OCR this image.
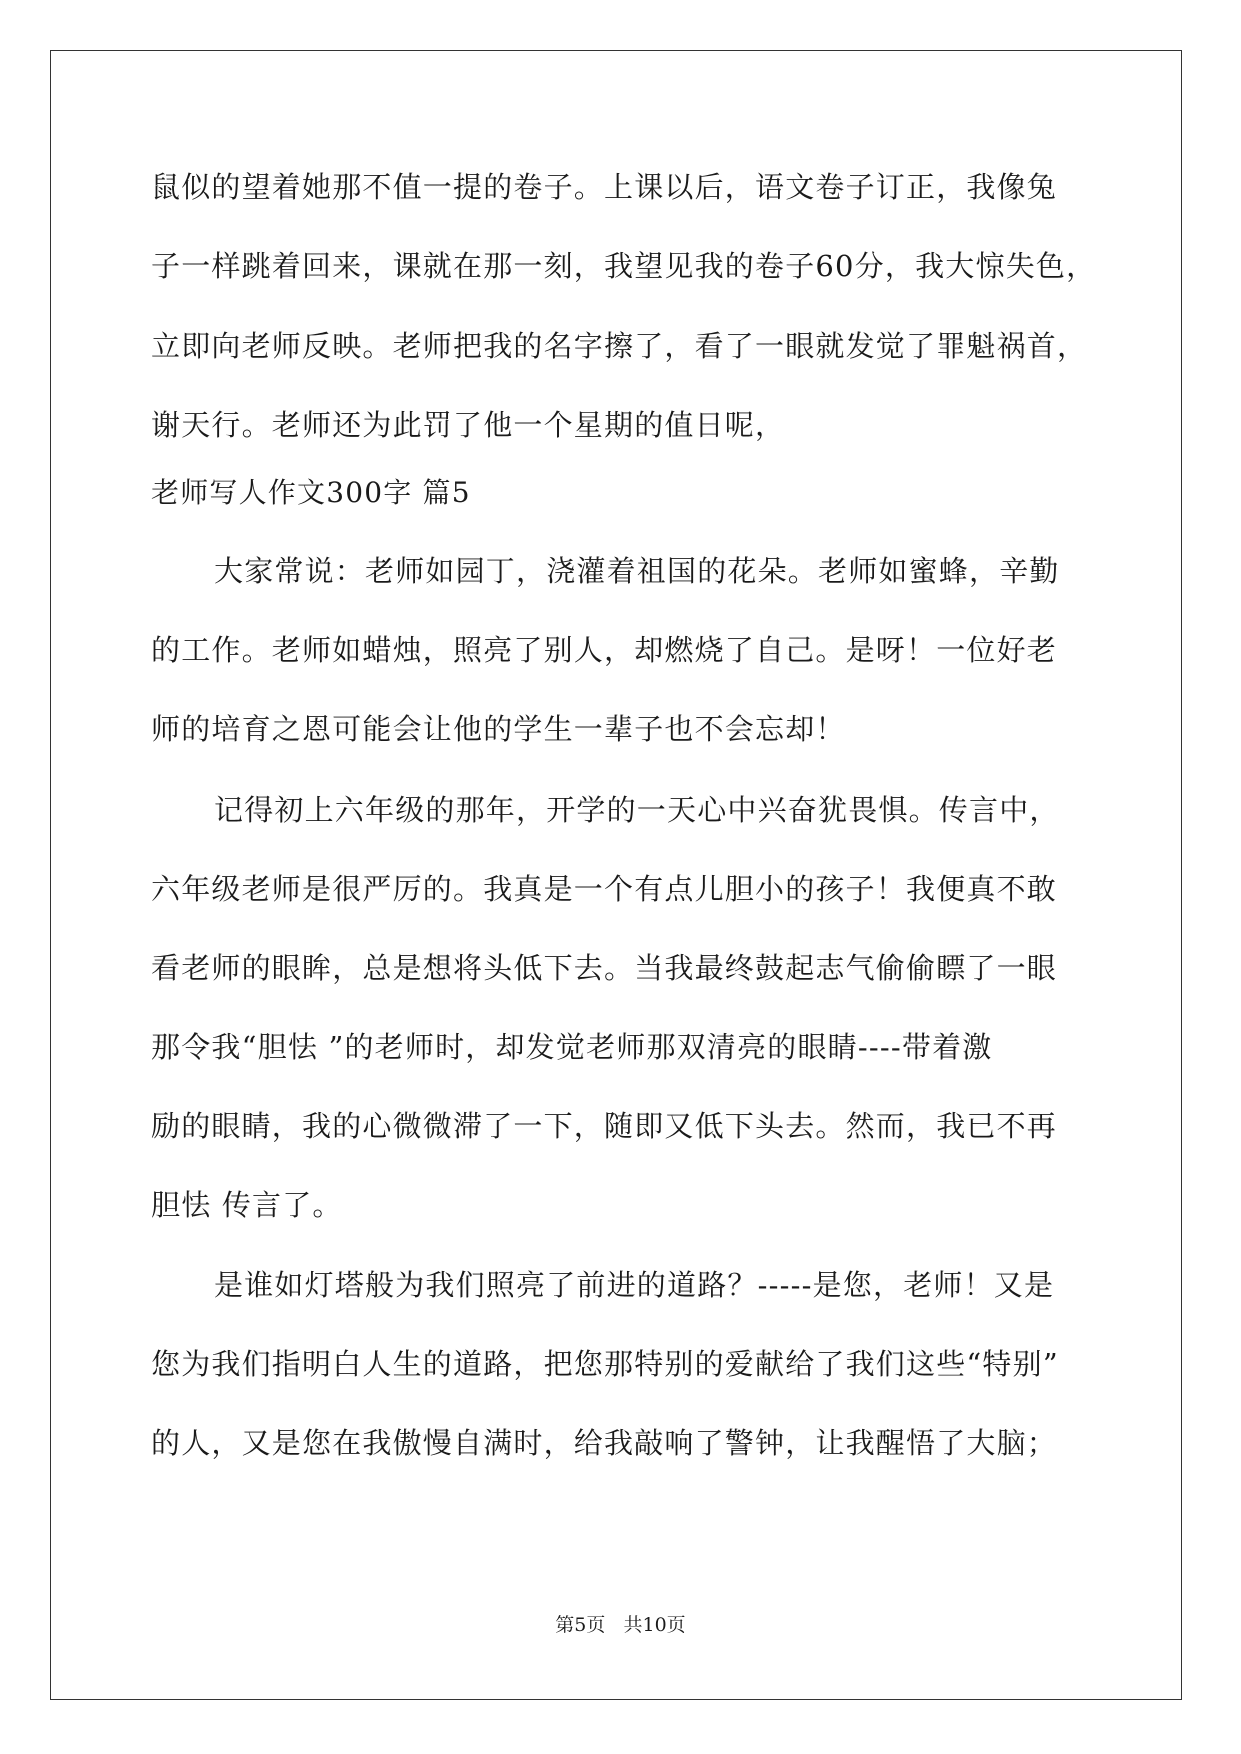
鼠似的望着她那不值一提的卷子。上课以后，语文卷子订正，我像兔
子一样跳着回来，课就在那一刻，我望见我的卷子60分，我大惊失色，
立即向老师反映。老师把我的名字擦了，看了一眼就发觉了罪魁祸首，
谢天行。老师还为此罚了他一个星期的值日呢，
老师写人作文300字 篇5
大家常说：老师如园丁，浇灌着祖国的花朵。老师如蜜蜂，辛勤
的工作。老师如蜡烛，照亮了别人，却燃烧了自己。是呀！一位好老
师的培育之恩可能会让他的学生一辈子也不会忘却！
记得初上六年级的那年，开学的一天心中兴奋犹畏惧。传言中，
六年级老师是很严厉的。我真是一个有点儿胆小的孩子！我便真不敢
看老师的眼眸，总是想将头低下去。当我最终鼓起志气偷偷瞟了一眼
那令我“胆怯 ”的老师时，却发觉老师那双清亮的眼睛----带着激
励的眼睛，我的心微微滞了一下，随即又低下头去。然而，我已不再
胆怯 传言了。
是谁如灯塔般为我们照亮了前进的道路？-----是您，老师！又是
您为我们指明白人生的道路，把您那特别的爱献给了我们这些“特别”
的人，又是您在我傲慢自满时，给我敲响了警钟，让我醒悟了大脑；
第5页   共10页
